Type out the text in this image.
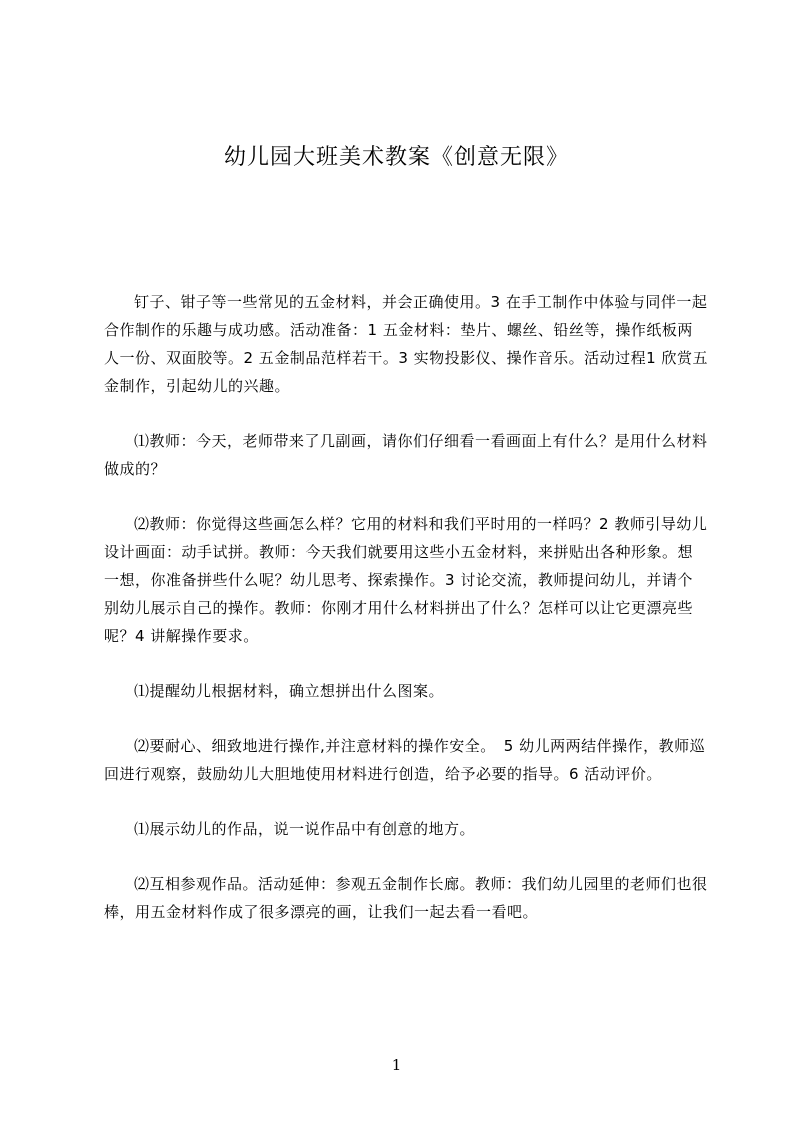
幼儿园大班美术教案《创意无限》

钉子、钳子等一些常见的五金材料，并会正确使用。3 在手工制作中体验与同伴一起合作制作的乐趣与成功感。活动准备：1 五金材料：垫片、螺丝、铅丝等，操作纸板两人一份、双面胶等。2 五金制品范样若干。3 实物投影仪、操作音乐。活动过程1 欣赏五金制作，引起幼儿的兴趣。

⑴教师：今天，老师带来了几副画，请你们仔细看一看画面上有什么？是用什么材料做成的？

⑵教师：你觉得这些画怎么样？它用的材料和我们平时用的一样吗？2 教师引导幼儿设计画面：动手试拼。教师：今天我们就要用这些小五金材料，来拼贴出各种形象。想一想，你准备拼些什么呢？幼儿思考、探索操作。3 讨论交流，教师提问幼儿，并请个别幼儿展示自己的操作。教师：你刚才用什么材料拼出了什么？怎样可以让它更漂亮些呢？4 讲解操作要求。

⑴提醒幼儿根据材料，确立想拼出什么图案。

⑵要耐心、细致地进行操作,并注意材料的操作安全。　5 幼儿两两结伴操作，教师巡回进行观察，鼓励幼儿大胆地使用材料进行创造，给予必要的指导。6 活动评价。

⑴展示幼儿的作品，说一说作品中有创意的地方。

⑵互相参观作品。活动延伸：参观五金制作长廊。教师：我们幼儿园里的老师们也很棒，用五金材料作成了很多漂亮的画，让我们一起去看一看吧。

1
